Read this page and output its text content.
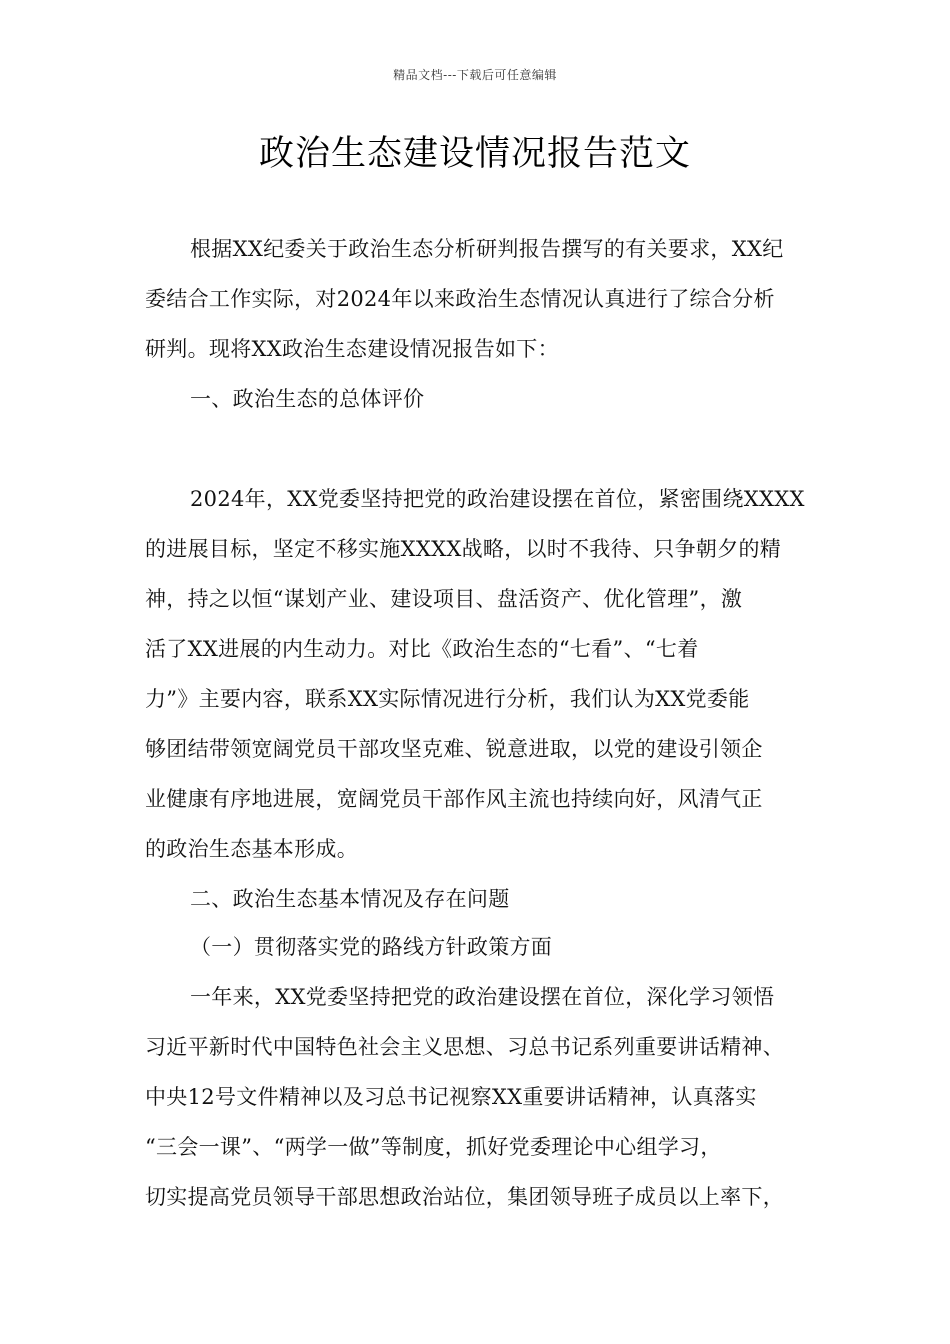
精品文档---下载后可任意编辑
政治生态建设情况报告范文
根据XX纪委关于政治生态分析研判报告撰写的有关要求，XX纪
委结合工作实际，对2024年以来政治生态情况认真进行了综合分析
研判。现将XX政治生态建设情况报告如下：
一、政治生态的总体评价
2024年，XX党委坚持把党的政治建设摆在首位，紧密围绕XXXX
的进展目标，坚定不移实施XXXX战略，以时不我待、只争朝夕的精
神，持之以恒“谋划产业、建设项目、盘活资产、优化管理”，激
活了XX进展的内生动力。对比《政治生态的“七看”、“七着
力”》主要内容，联系XX实际情况进行分析，我们认为XX党委能
够团结带领宽阔党员干部攻坚克难、锐意进取，以党的建设引领企
业健康有序地进展，宽阔党员干部作风主流也持续向好，风清气正
的政治生态基本形成。
二、政治生态基本情况及存在问题
（一）贯彻落实党的路线方针政策方面
一年来，XX党委坚持把党的政治建设摆在首位，深化学习领悟
习近平新时代中国特色社会主义思想、习总书记系列重要讲话精神、
中央12号文件精神以及习总书记视察XX重要讲话精神，认真落实
“三会一课”、“两学一做”等制度，抓好党委理论中心组学习，
切实提高党员领导干部思想政治站位，集团领导班子成员以上率下，
